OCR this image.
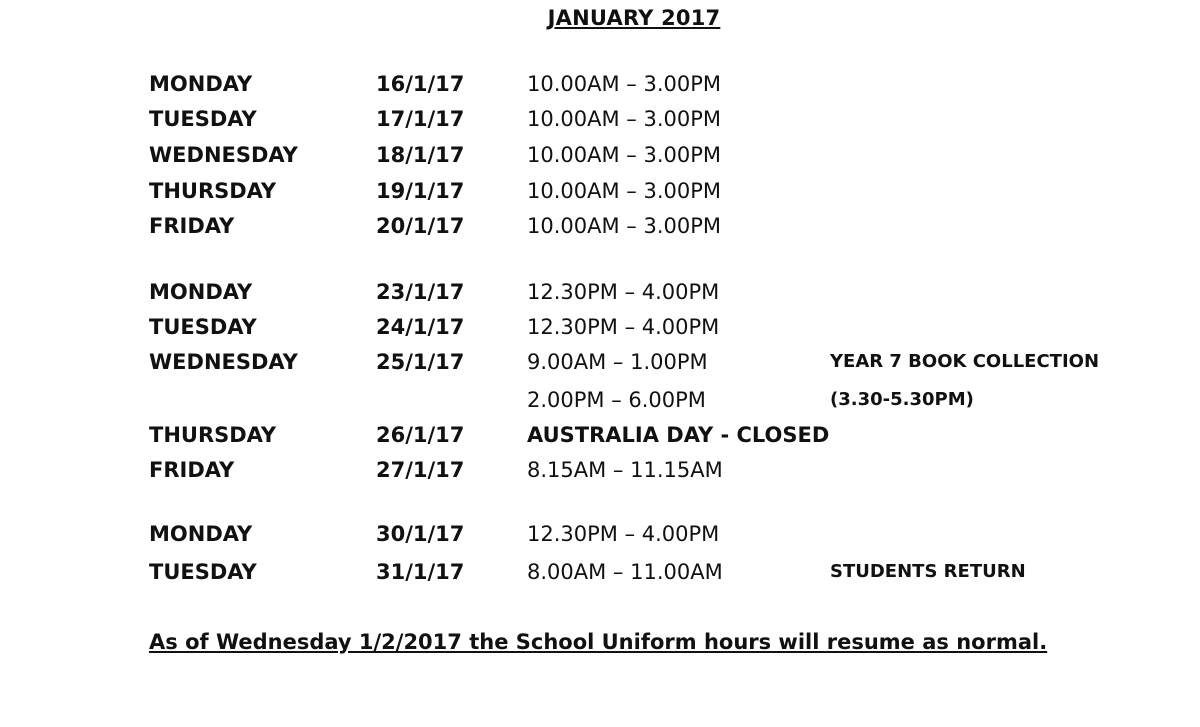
JANUARY 2017
MONDAY	16/1/17	10.00AM – 3.00PM
TUESDAY	17/1/17	10.00AM – 3.00PM
WEDNESDAY	18/1/17	10.00AM – 3.00PM
THURSDAY	19/1/17	10.00AM – 3.00PM
FRIDAY	20/1/17	10.00AM – 3.00PM
MONDAY	23/1/17	12.30PM – 4.00PM
TUESDAY	24/1/17	12.30PM – 4.00PM
WEDNESDAY	25/1/17	9.00AM – 1.00PM	YEAR 7 BOOK COLLECTION
2.00PM – 6.00PM	(3.30-5.30PM)
THURSDAY	26/1/17	AUSTRALIA DAY - CLOSED
FRIDAY	27/1/17	8.15AM – 11.15AM
MONDAY	30/1/17	12.30PM – 4.00PM
TUESDAY	31/1/17	8.00AM – 11.00AM	STUDENTS RETURN
As of Wednesday 1/2/2017 the School Uniform hours will resume as normal.
